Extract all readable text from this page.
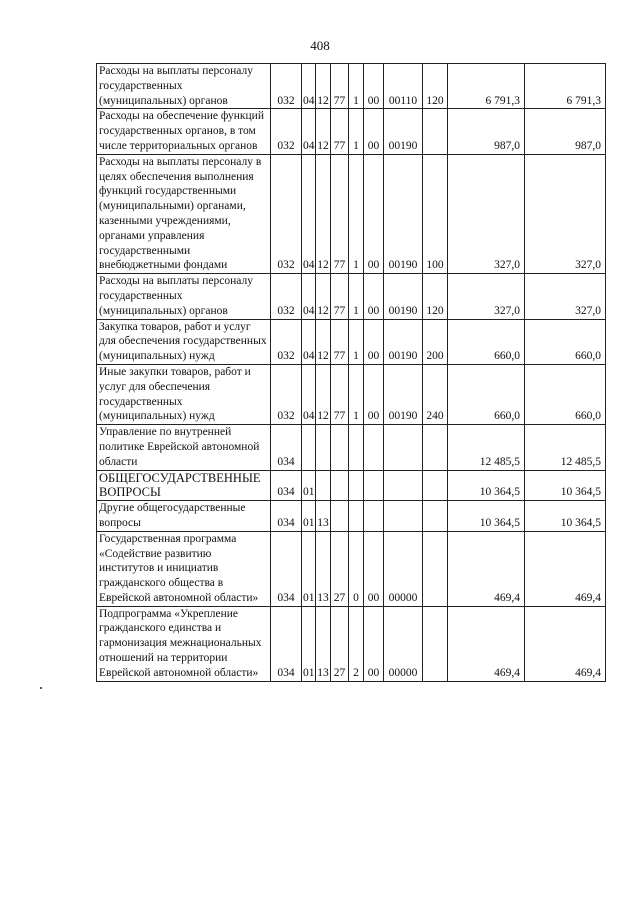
408
Расходы на выплаты персоналу государственных (муниципальных) органов	032	04	12	77	1	00	00110	120	6 791,3	6 791,3
Расходы на обеспечение функций государственных органов, в том числе территориальных органов	032	04	12	77	1	00	00190		987,0	987,0
Расходы на выплаты персоналу в целях обеспечения выполнения функций государственными (муниципальными) органами, казенными учреждениями, органами управления государственными внебюджетными фондами	032	04	12	77	1	00	00190	100	327,0	327,0
Расходы на выплаты персоналу государственных (муниципальных) органов	032	04	12	77	1	00	00190	120	327,0	327,0
Закупка товаров, работ и услуг для обеспечения государственных (муниципальных) нужд	032	04	12	77	1	00	00190	200	660,0	660,0
Иные закупки товаров, работ и услуг для обеспечения государственных (муниципальных) нужд	032	04	12	77	1	00	00190	240	660,0	660,0
Управление по внутренней политике Еврейской автономной области	034								12 485,5	12 485,5
ОБЩЕГОСУДАРСТВЕННЫЕ ВОПРОСЫ	034	01							10 364,5	10 364,5
Другие общегосударственные вопросы	034	01	13						10 364,5	10 364,5
Государственная программа «Содействие развитию институтов и инициатив гражданского общества в Еврейской автономной области»	034	01	13	27	0	00	00000		469,4	469,4
Подпрограмма «Укрепление гражданского единства и гармонизация межнациональных отношений на территории Еврейской автономной области»	034	01	13	27	2	00	00000		469,4	469,4
